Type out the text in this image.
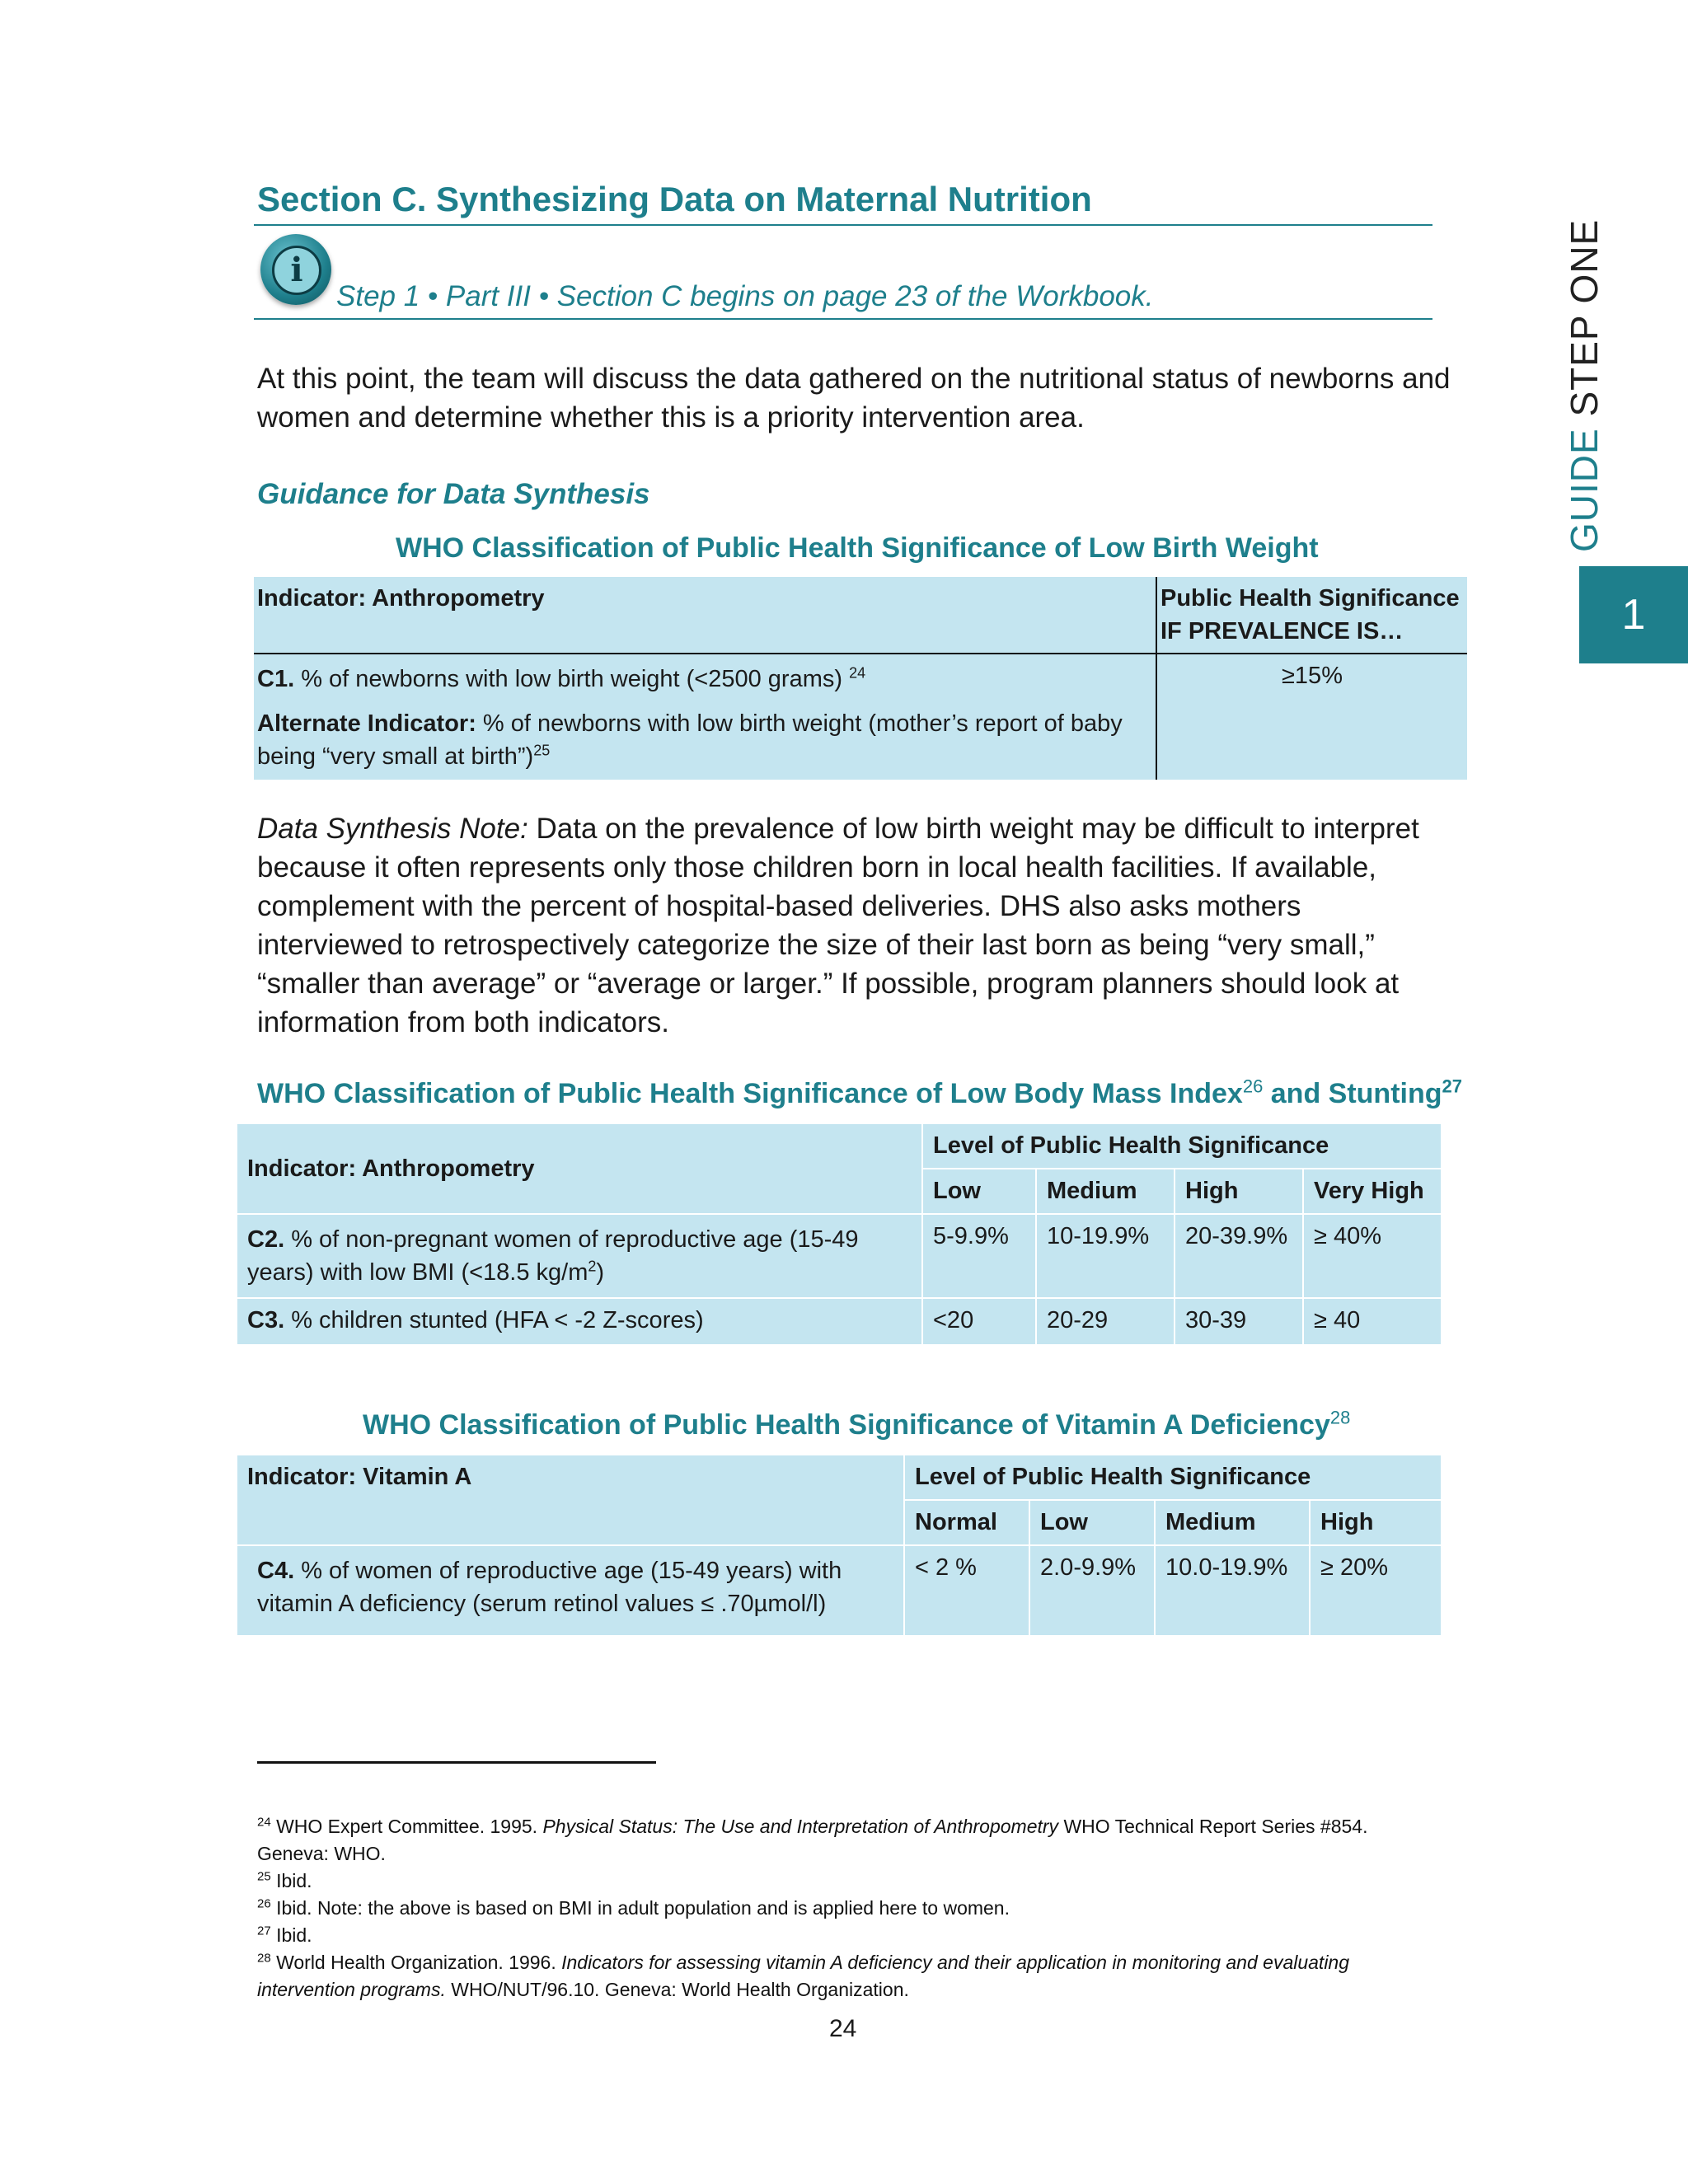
Section C. Synthesizing Data on Maternal Nutrition
i
Step 1 • Part III • Section C begins on page 23 of the Workbook.
GUIDE STEP ONE
1
At this point, the team will discuss the data gathered on the nutritional status of newborns and women and determine whether this is a priority intervention area.
Guidance for Data Synthesis
WHO Classification of Public Health Significance of Low Birth Weight
Indicator: Anthropometry	Public Health Significance
IF PREVALENCE IS…

C1. % of newborns with low birth weight (<2500 grams) $^{24}$
Alternate Indicator: % of newborns with low birth weight (mother’s report of baby being “very small at birth”)$^{25}$	≥15%
Data Synthesis Note: Data on the prevalence of low birth weight may be difficult to interpret because it often represents only those children born in local health facilities. If available, complement with the percent of hospital-based deliveries. DHS also asks mothers interviewed to retrospectively categorize the size of their last born as being “very small,” “smaller than average” or “average or larger.” If possible, program planners should look at information from both indicators.
WHO Classification of Public Health Significance of Low Body Mass Index$^{26}$ and Stunting$^{27}$
Indicator: Anthropometry	Level of Public Health Significance			
	Low	Medium	High	Very High
C2. % of non-pregnant women of reproductive age (15-49 years) with low BMI (<18.5 $kg/m^2$)	5-9.9%	10-19.9%	20-39.9%	≥ 40%
C3. % children stunted (HFA < -2 Z-scores)	<20	20-29	30-39	≥ 40
WHO Classification of Public Health Significance of Vitamin A Deficiency$^{28}$
Indicator: Vitamin A	Level of Public Health Significance			
	Normal	Low	Medium	High
C4. % of women of reproductive age (15-49 years) with vitamin A deficiency (serum retinol values ≤ .70µmol/l)	< 2 %	2.0-9.9%	10.0-19.9%	≥ 20%
$^{24}$ WHO Expert Committee. 1995. Physical Status: The Use and Interpretation of Anthropometry WHO Technical Report Series #854. Geneva: WHO.
$^{25}$ Ibid.
$^{26}$ Ibid. Note: the above is based on BMI in adult population and is applied here to women.
$^{27}$ Ibid.
$^{28}$ World Health Organization. 1996. Indicators for assessing vitamin A deficiency and their application in monitoring and evaluating intervention programs. WHO/NUT/96.10. Geneva: World Health Organization.
24
